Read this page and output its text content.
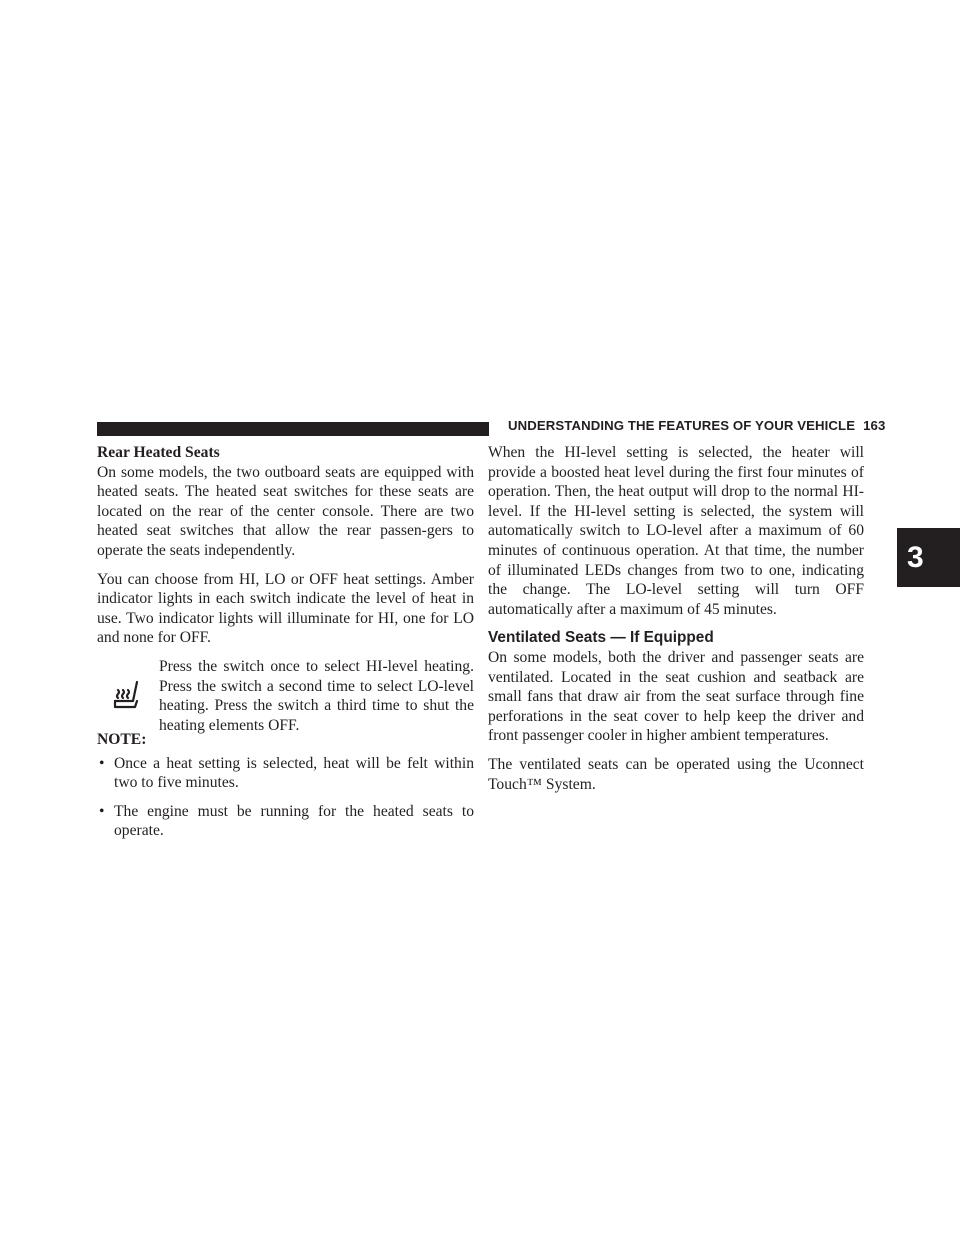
UNDERSTANDING THE FEATURES OF YOUR VEHICLE 163
3

Rear Heated Seats

On some models, the two outboard seats are equipped with heated seats. The heated seat switches for these seats are located on the rear of the center console. There are two heated seat switches that allow the rear passen-gers to operate the seats independently.

You can choose from HI, LO or OFF heat settings. Amber indicator lights in each switch indicate the level of heat in use. Two indicator lights will illuminate for HI, one for LO and none for OFF.

Press the switch once to select HI-level heating. Press the switch a second time to select LO-level heating. Press the switch a third time to shut the heating elements OFF.

NOTE:

• Once a heat setting is selected, heat will be felt within two to five minutes.
• The engine must be running for the heated seats to operate.

When the HI-level setting is selected, the heater will provide a boosted heat level during the first four minutes of operation. Then, the heat output will drop to the normal HI-level. If the HI-level setting is selected, the system will automatically switch to LO-level after a maximum of 60 minutes of continuous operation. At that time, the number of illuminated LEDs changes from two to one, indicating the change. The LO-level setting will turn OFF automatically after a maximum of 45 minutes.

Ventilated Seats — If Equipped

On some models, both the driver and passenger seats are ventilated. Located in the seat cushion and seatback are small fans that draw air from the seat surface through fine perforations in the seat cover to help keep the driver and front passenger cooler in higher ambient temperatures.

The ventilated seats can be operated using the Uconnect Touch™ System.
